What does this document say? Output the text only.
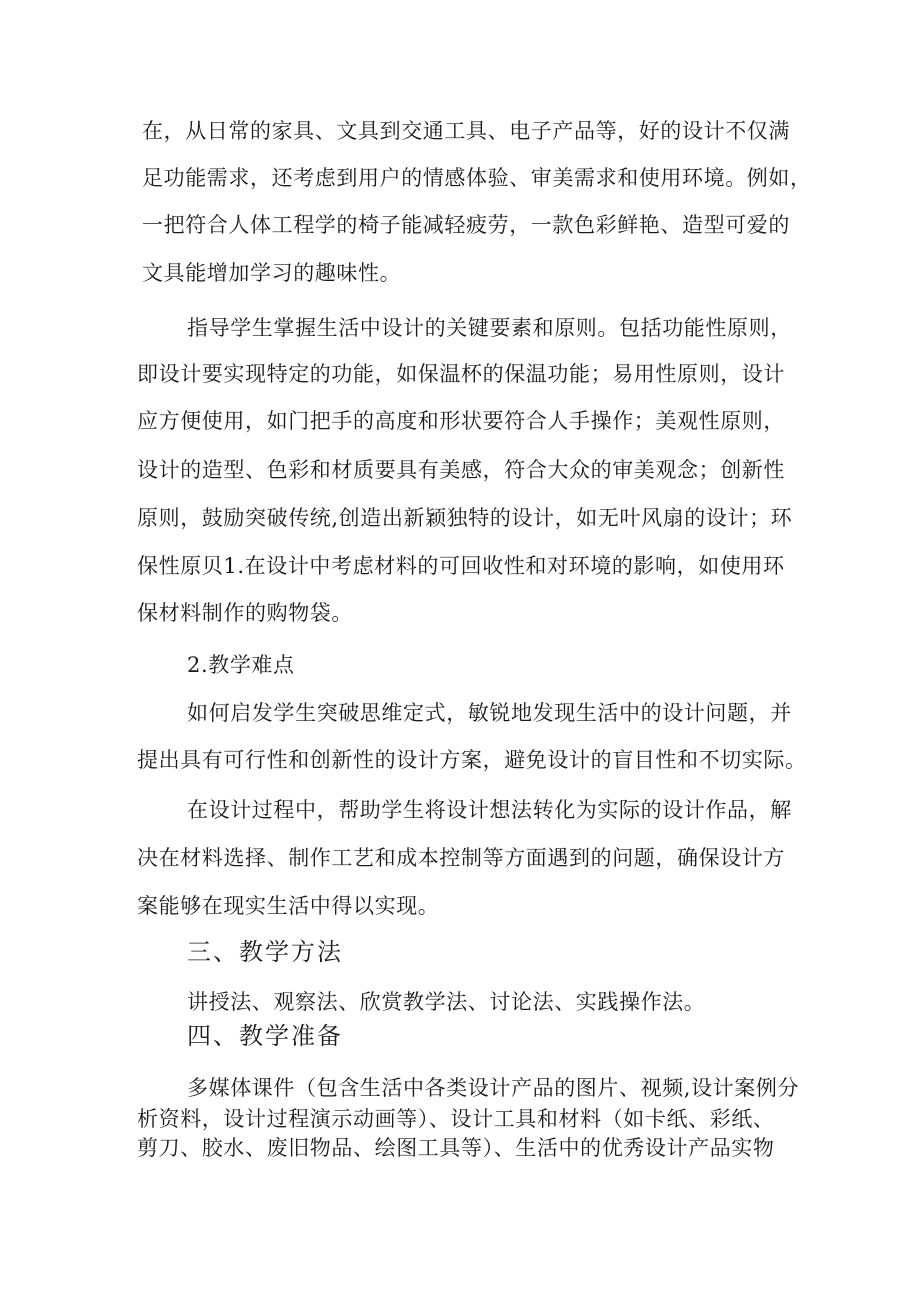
在，从日常的家具、文具到交通工具、电子产品等，好的设计不仅满
足功能需求，还考虑到用户的情感体验、审美需求和使用环境。例如，
一把符合人体工程学的椅子能减轻疲劳，一款色彩鲜艳、造型可爱的
文具能增加学习的趣味性。
指导学生掌握生活中设计的关键要素和原则。包括功能性原则，
即设计要实现特定的功能，如保温杯的保温功能；易用性原则，设计
应方便使用，如门把手的高度和形状要符合人手操作；美观性原则，
设计的造型、色彩和材质要具有美感，符合大众的审美观念；创新性
原则，鼓励突破传统,创造出新颖独特的设计，如无叶风扇的设计；环
保性原贝1.在设计中考虑材料的可回收性和对环境的影响，如使用环
保材料制作的购物袋。
2.教学难点
如何启发学生突破思维定式，敏锐地发现生活中的设计问题，并
提出具有可行性和创新性的设计方案，避免设计的盲目性和不切实际。
在设计过程中，帮助学生将设计想法转化为实际的设计作品，解
决在材料选择、制作工艺和成本控制等方面遇到的问题，确保设计方
案能够在现实生活中得以实现。
三、教学方法
讲授法、观察法、欣赏教学法、讨论法、实践操作法。
四、教学准备
多媒体课件（包含生活中各类设计产品的图片、视频,设计案例分
析资料，设计过程演示动画等）、设计工具和材料（如卡纸、彩纸、
剪刀、胶水、废旧物品、绘图工具等）、生活中的优秀设计产品实物
